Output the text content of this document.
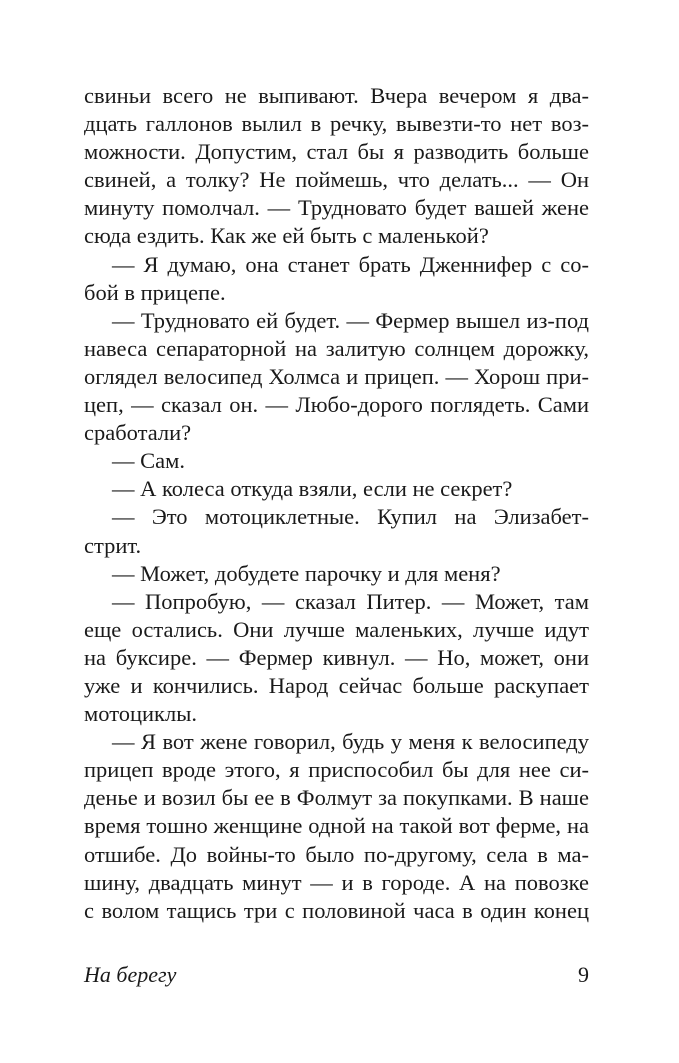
свиньи всего не выпивают. Вчера вечером я два-
дцать галлонов вылил в речку, вывезти-то нет воз-
можности. Допустим, стал бы я разводить больше
свиней, а толку? Не поймешь, что делать... — Он
минуту помолчал. — Трудновато будет вашей жене
сюда ездить. Как же ей быть с маленькой?
— Я думаю, она станет брать Дженнифер с со-
бой в прицепе.
— Трудновато ей будет. — Фермер вышел из-под
навеса сепараторной на залитую солнцем дорожку,
оглядел велосипед Холмса и прицеп. — Хорош при-
цеп, — сказал он. — Любо-дорого поглядеть. Сами
сработали?
— Сам.
— А колеса откуда взяли, если не секрет?
— Это мотоциклетные. Купил на Элизабет-
стрит.
— Может, добудете парочку и для меня?
— Попробую, — сказал Питер. — Может, там
еще остались. Они лучше маленьких, лучше идут
на буксире. — Фермер кивнул. — Но, может, они
уже и кончились. Народ сейчас больше раскупает
мотоциклы.
— Я вот жене говорил, будь у меня к велосипеду
прицеп вроде этого, я приспособил бы для нее си-
денье и возил бы ее в Фолмут за покупками. В наше
время тошно женщине одной на такой вот ферме, на
отшибе. До войны-то было по-другому, села в ма-
шину, двадцать минут — и в городе. А на повозке
с волом тащись три с половиной часа в один конец
На берегу	9
